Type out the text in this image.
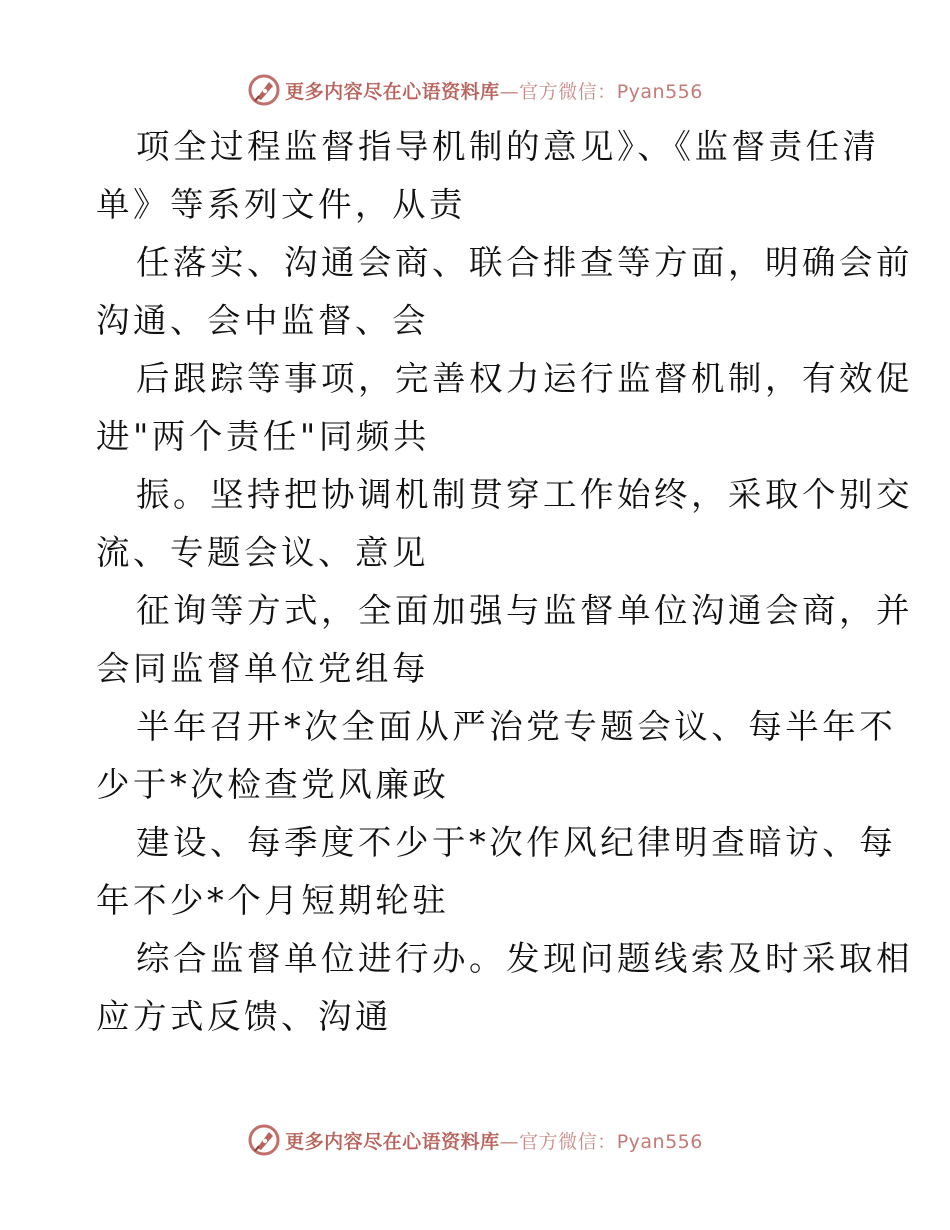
更多内容尽在心语资料库—官方微信：Pyan556
项全过程监督指导机制的意见》、《监督责任清
单》等系列文件，从责
任落实、沟通会商、联合排查等方面，明确会前
沟通、会中监督、会
后跟踪等事项，完善权力运行监督机制，有效促
进"两个责任"同频共
振。坚持把协调机制贯穿工作始终，采取个别交
流、专题会议、意见
征询等方式，全面加强与监督单位沟通会商，并
会同监督单位党组每
半年召开*次全面从严治党专题会议、每半年不
少于*次检查党风廉政
建设、每季度不少于*次作风纪律明查暗访、每
年不少*个月短期轮驻
综合监督单位进行办。发现问题线索及时采取相
应方式反馈、沟通
更多内容尽在心语资料库—官方微信：Pyan556
